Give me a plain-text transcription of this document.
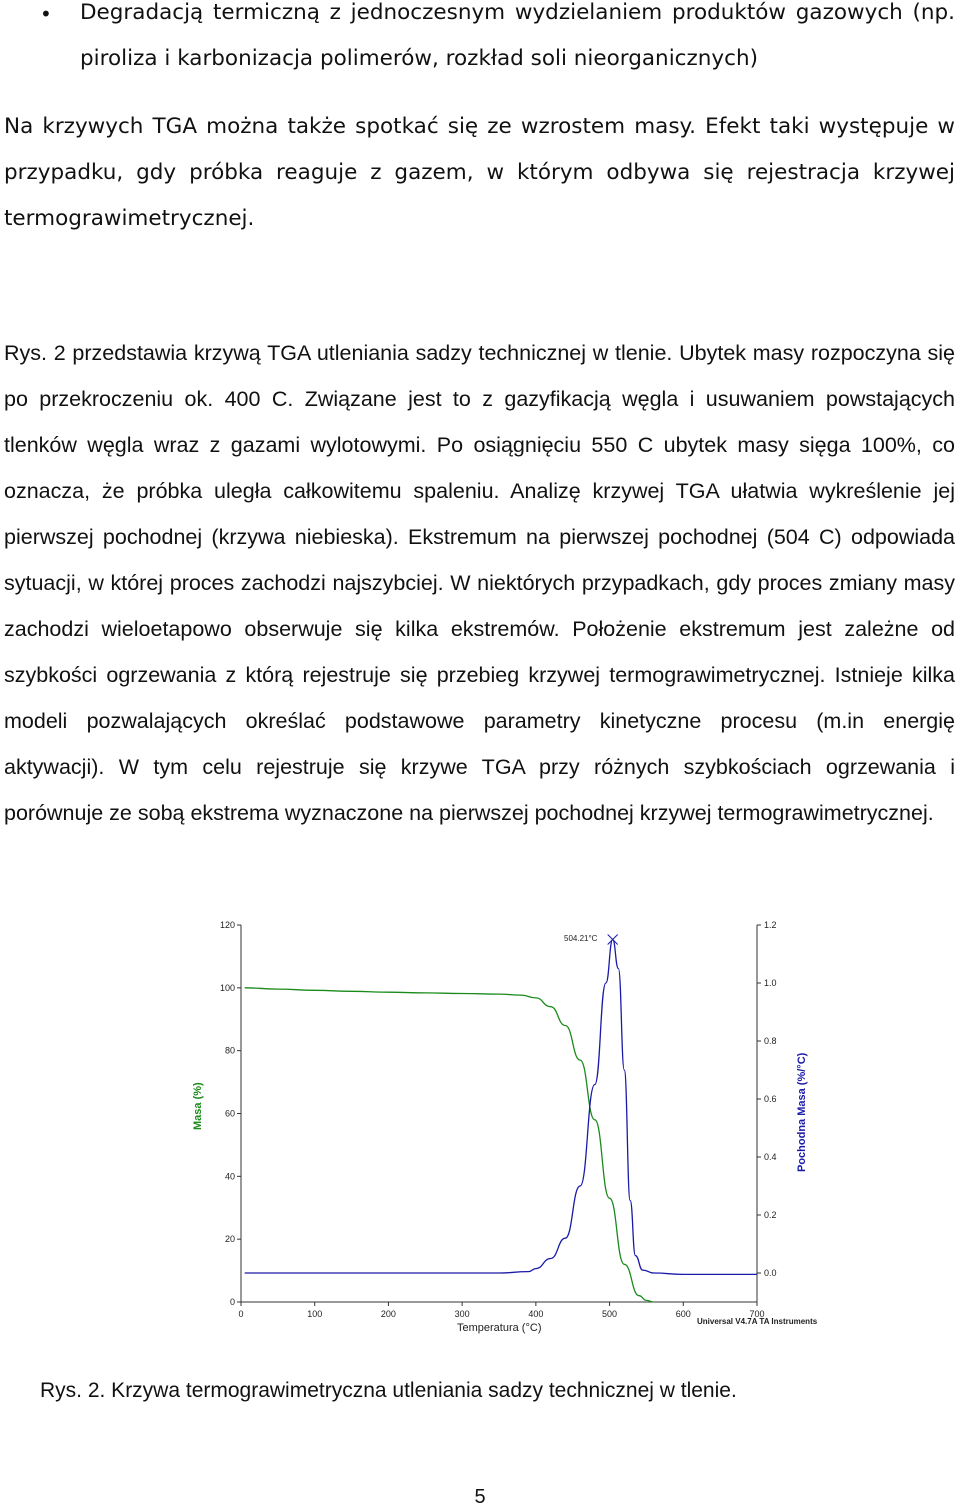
• Degradacją termiczną z jednoczesnym wydzielaniem produktów gazowych (np. piroliza i karbonizacja polimerów, rozkład soli nieorganicznych)

Na krzywych TGA można także spotkać się ze wzrostem masy. Efekt taki występuje w przypadku, gdy próbka reaguje z gazem, w którym odbywa się rejestracja krzywej termograwimetrycznej.

Rys. 2 przedstawia krzywą TGA utleniania sadzy technicznej w tlenie. Ubytek masy rozpoczyna się po przekroczeniu ok. 400 C. Związane jest to z gazyfikacją węgla i usuwaniem powstających tlenków węgla wraz z gazami wylotowymi. Po osiągnięciu 550 C ubytek masy sięga 100%, co oznacza, że próbka uległa całkowitemu spaleniu. Analizę krzywej TGA ułatwia wykreślenie jej pierwszej pochodnej (krzywa niebieska). Ekstremum na pierwszej pochodnej (504 C) odpowiada sytuacji, w której proces zachodzi najszybciej. W niektórych przypadkach, gdy proces zmiany masy zachodzi wieloetapowo obserwuje się kilka ekstremów. Położenie ekstremum jest zależne od szybkości ogrzewania z którą rejestruje się przebieg krzywej termograwimetrycznej. Istnieje kilka modeli pozwalających określać podstawowe parametry kinetyczne procesu (m.in energię aktywacji). W tym celu rejestruje się krzywe TGA przy różnych szybkościach ogrzewania i porównuje ze sobą ekstrema wyznaczone na pierwszej pochodnej krzywej termograwimetrycznej.

0	100	200	300	400	500	600	700
0
20
40
60
80
100
120
0.0
0.2
0.4
0.6
0.8
1.0
1.2
Temperatura (°C)
Masa (%)	Pochodna Masa (%/°C)
Universal V4.7A TA Instruments
504.21°C

Rys. 2. Krzywa termograwimetryczna utleniania sadzy technicznej w tlenie.

5
